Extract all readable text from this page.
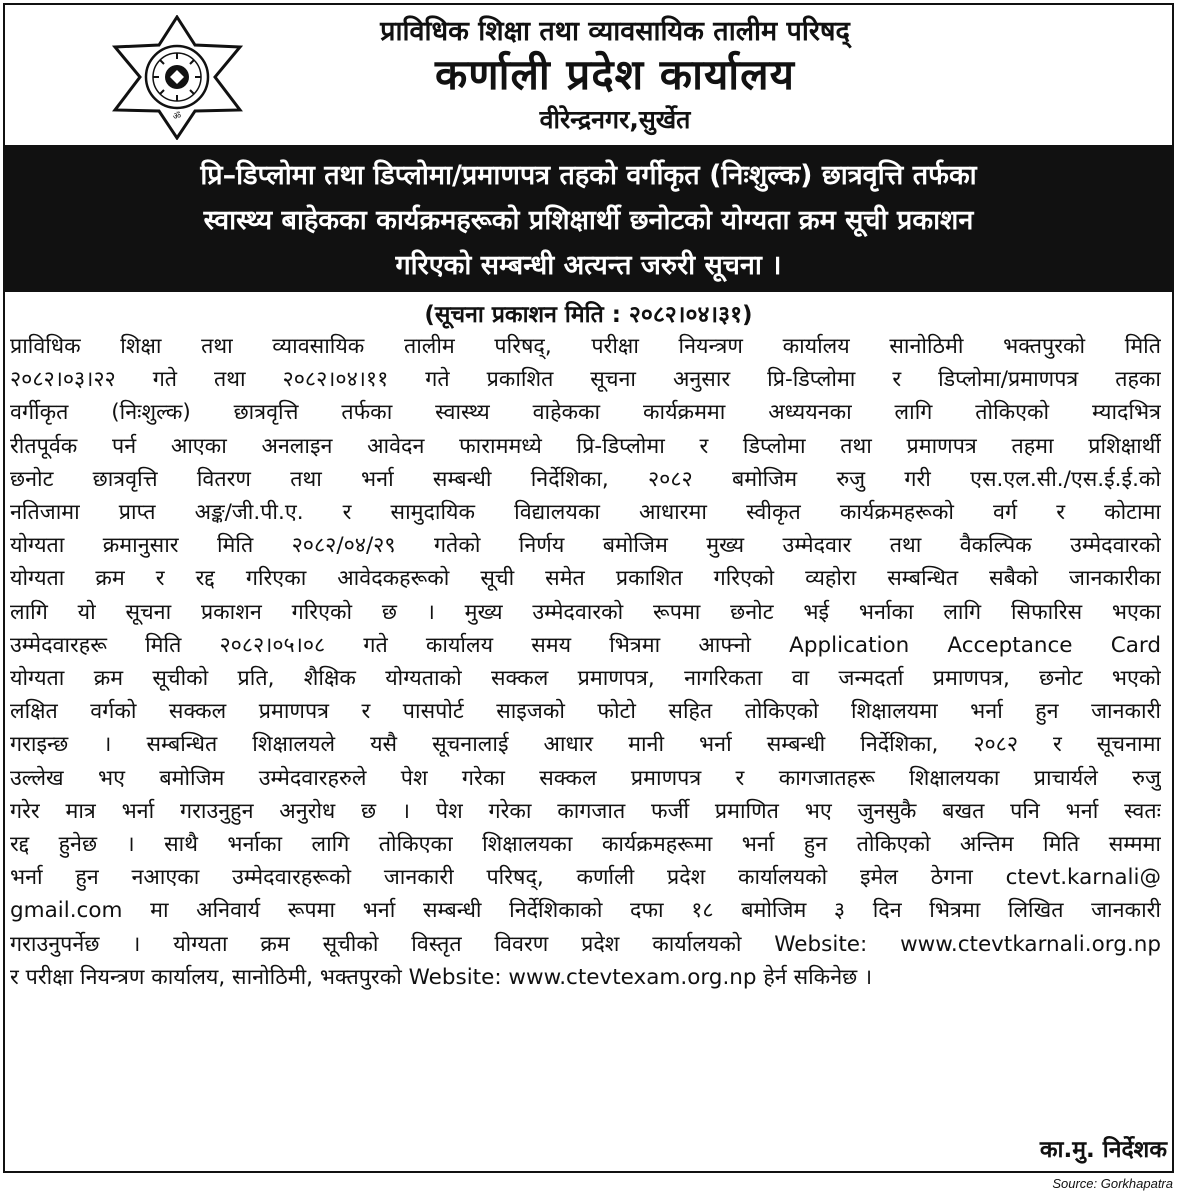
ॐ
प्राविधिक शिक्षा तथा व्यावसायिक तालीम परिषद्
कर्णाली प्रदेश कार्यालय
वीरेन्द्रनगर,सुर्खेत
प्रि–डिप्लोमा तथा डिप्लोमा/प्रमाणपत्र तहको वर्गीकृत (निःशुल्क) छात्रवृत्ति तर्फका
स्वास्थ्य बाहेकका कार्यक्रमहरूको प्रशिक्षार्थी छनोटको योग्यता क्रम सूची प्रकाशन
गरिएको सम्बन्धी अत्यन्त जरुरी सूचना ।
(सूचना प्रकाशन मिति : २०८२।०४।३१)
प्राविधिक शिक्षा तथा व्यावसायिक तालीम परिषद्, परीक्षा नियन्त्रण कार्यालय सानोठिमी भक्तपुरको मिति
२०८२।०३।२२ गते तथा २०८२।०४।११ गते प्रकाशित सूचना अनुसार प्रि-डिप्लोमा र डिप्लोमा/प्रमाणपत्र तहका
वर्गीकृत (निःशुल्क) छात्रवृत्ति तर्फका स्वास्थ्य वाहेकका कार्यक्रममा अध्ययनका लागि तोकिएको म्यादभित्र
रीतपूर्वक पर्न आएका अनलाइन आवेदन फाराममध्ये प्रि-डिप्लोमा र डिप्लोमा तथा प्रमाणपत्र तहमा प्रशिक्षार्थी
छनोट छात्रवृत्ति वितरण तथा भर्ना सम्बन्धी निर्देशिका, २०८२ बमोजिम रुजु गरी एस.एल.सी./एस.ई.ई.को
नतिजामा प्राप्त अङ्क/जी.पी.ए. र सामुदायिक विद्यालयका आधारमा स्वीकृत कार्यक्रमहरूको वर्ग र कोटामा
योग्यता क्रमानुसार मिति २०८२/०४/२९ गतेको निर्णय बमोजिम मुख्य उम्मेदवार तथा वैकल्पिक उम्मेदवारको
योग्यता क्रम र रद्द गरिएका आवेदकहरूको सूची समेत प्रकाशित गरिएको व्यहोरा सम्बन्धित सबैको जानकारीका
लागि यो सूचना प्रकाशन गरिएको छ । मुख्य उम्मेदवारको रूपमा छनोट भई भर्नाका लागि सिफारिस भएका
उम्मेदवारहरू मिति २०८२।०५।०८ गते कार्यालय समय भित्रमा आफ्नो Application Acceptance Card
योग्यता क्रम सूचीको प्रति, शैक्षिक योग्यताको सक्कल प्रमाणपत्र, नागरिकता वा जन्मदर्ता प्रमाणपत्र, छनोट भएको
लक्षित वर्गको सक्कल प्रमाणपत्र र पासपोर्ट साइजको फोटो सहित तोकिएको शिक्षालयमा भर्ना हुन जानकारी
गराइन्छ । सम्बन्धित शिक्षालयले यसै सूचनालाई आधार मानी भर्ना सम्बन्धी निर्देशिका, २०८२ र सूचनामा
उल्लेख भए बमोजिम उम्मेदवारहरुले पेश गरेका सक्कल प्रमाणपत्र र कागजातहरू शिक्षालयका प्राचार्यले रुजु
गरेर मात्र भर्ना गराउनुहुन अनुरोध छ । पेश गरेका कागजात फर्जी प्रमाणित भए जुनसुकै बखत पनि भर्ना स्वतः
रद्द हुनेछ । साथै भर्नाका लागि तोकिएका शिक्षालयका कार्यक्रमहरूमा भर्ना हुन तोकिएको अन्तिम मिति सम्ममा
भर्ना हुन नआएका उम्मेदवारहरूको जानकारी परिषद्, कर्णाली प्रदेश कार्यालयको इमेल ठेगना ctevt.karnali@
gmail.com मा अनिवार्य रूपमा भर्ना सम्बन्धी निर्देशिकाको दफा १८ बमोजिम ३ दिन भित्रमा लिखित जानकारी
गराउनुपर्नेछ । योग्यता क्रम सूचीको विस्तृत विवरण प्रदेश कार्यालयको Website: www.ctevtkarnali.org.np
र परीक्षा नियन्त्रण कार्यालय, सानोठिमी, भक्तपुरको Website: www.ctevtexam.org.np हेर्न सकिनेछ ।
का.मु. निर्देशक
Source: Gorkhapatra
